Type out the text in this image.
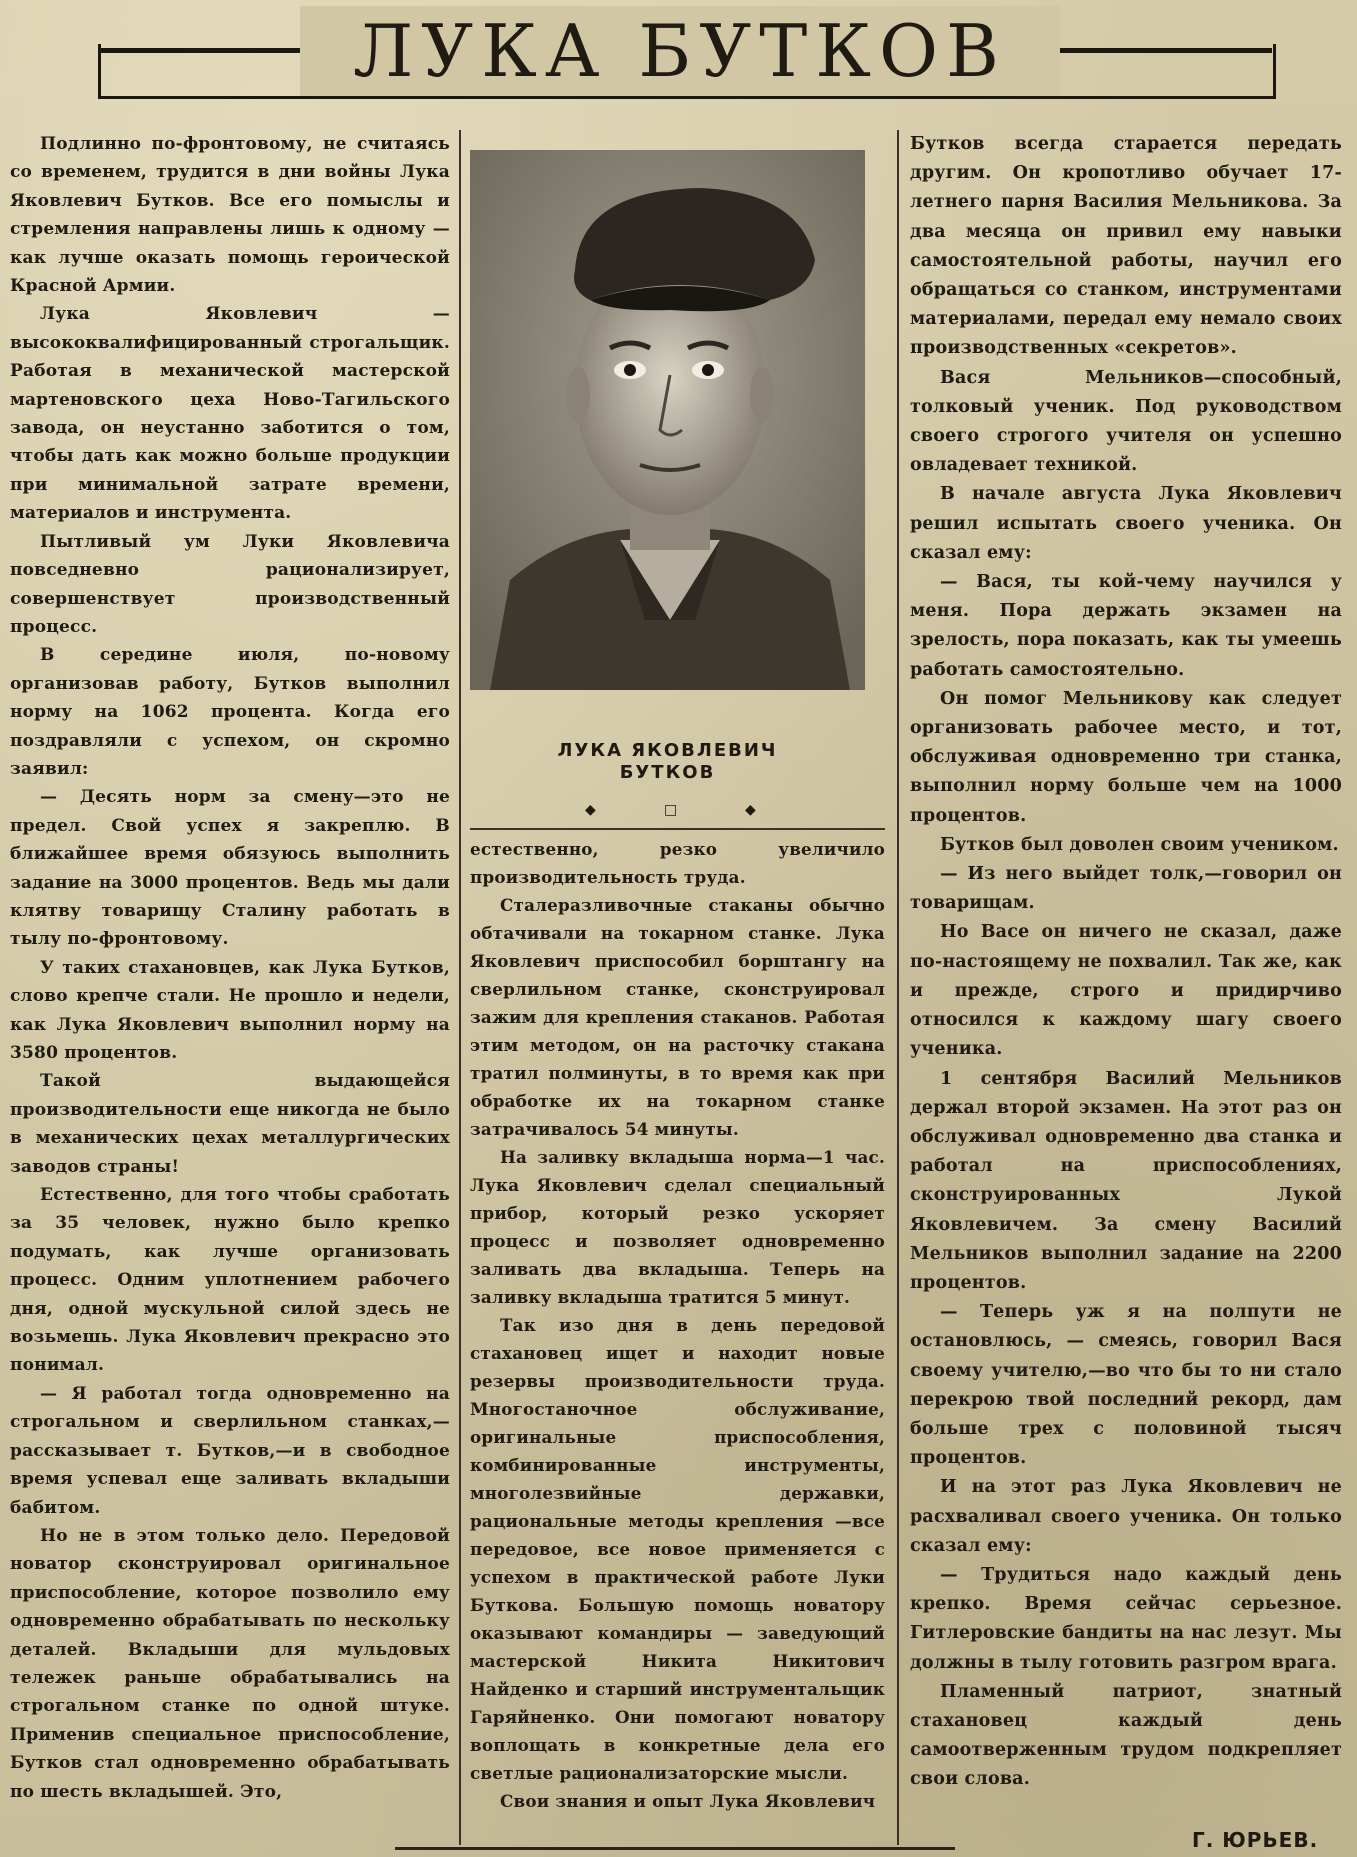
ЛУКА БУТКОВ

Подлинно по-фронтовому, не считаясь со временем, трудится в дни войны Лука Яковлевич Бутков. Все его помыслы и стремления направлены лишь к одному — как лучше оказать помощь героической Красной Армии.

Лука Яковлевич — высококвалифицированный строгальщик. Работая в механической мастерской мартеновского цеха Ново-Тагильского завода, он неустанно заботится о том, чтобы дать как можно больше продукции при минимальной затрате времени, материалов и инструмента.

Пытливый ум Луки Яковлевича повседневно рационализирует, совершенствует производственный процесс.

В середине июля, по-новому организовав работу, Бутков выполнил норму на 1062 процента. Когда его поздравляли с успехом, он скромно заявил:

— Десять норм за смену—это не предел. Свой успех я закреплю. В ближайшее время обязуюсь выполнить задание на 3000 процентов. Ведь мы дали клятву товарищу Сталину работать в тылу по-фронтовому.

У таких стахановцев, как Лука Бутков, слово крепче стали. Не прошло и недели, как Лука Яковлевич выполнил норму на 3580 процентов.

Такой выдающейся производительности еще никогда не было в механических цехах металлургических заводов страны!

Естественно, для того чтобы сработать за 35 человек, нужно было крепко подумать, как лучше организовать процесс. Одним уплотнением рабочего дня, одной мускульной силой здесь не возьмешь. Лука Яковлевич прекрасно это понимал.

— Я работал тогда одновременно на строгальном и сверлильном станках,— рассказывает т. Бутков,—и в свободное время успевал еще заливать вкладыши бабитом.

Но не в этом только дело. Передовой новатор сконструировал оригинальное приспособление, которое позволило ему одновременно обрабатывать по нескольку деталей. Вкладыши для мульдовых тележек раньше обрабатывались на строгальном станке по одной штуке. Применив специальное приспособление, Бутков стал одновременно обрабатывать по шесть вкладышей. Это,

ЛУКА ЯКОВЛЕВИЧ
БУТКОВ
◆	□	◆

естественно, резко увеличило производительность труда.

Сталеразливочные стаканы обычно обтачивали на токарном станке. Лука Яковлевич приспособил борштангу на сверлильном станке, сконструировал зажим для крепления стаканов. Работая этим методом, он на расточку стакана тратил полминуты, в то время как при обработке их на токарном станке затрачивалось 54 минуты.

На заливку вкладыша норма—1 час. Лука Яковлевич сделал специальный прибор, который резко ускоряет процесс и позволяет одновременно заливать два вкладыша. Теперь на заливку вкладыша тратится 5 минут.

Так изо дня в день передовой стахановец ищет и находит новые резервы производительности труда. Многостаночное обслуживание, оригинальные приспособления, комбинированные инструменты, многолезвийные державки, рациональные методы крепления —все передовое, все новое применяется с успехом в практической работе Луки Буткова. Большую помощь новатору оказывают командиры — заведующий мастерской Никита Никитович Найденко и старший инструментальщик Гаряйненко. Они помогают новатору воплощать в конкретные дела его светлые рационализаторские мысли.

Свои знания и опыт Лука Яковлевич

Бутков всегда старается передать другим. Он кропотливо обучает 17-летнего парня Василия Мельникова. За два месяца он привил ему навыки самостоятельной работы, научил его обращаться со станком, инструментами материалами, передал ему немало своих производственных «секретов».

Вася Мельников—способный, толковый ученик. Под руководством своего строгого учителя он успешно овладевает техникой.

В начале августа Лука Яковлевич решил испытать своего ученика. Он сказал ему:

— Вася, ты кой-чему научился у меня. Пора держать экзамен на зрелость, пора показать, как ты умеешь работать самостоятельно.

Он помог Мельникову как следует организовать рабочее место, и тот, обслуживая одновременно три станка, выполнил норму больше чем на 1000 процентов.

Бутков был доволен своим учеником.

— Из него выйдет толк,—говорил он товарищам.

Но Васе он ничего не сказал, даже по-настоящему не похвалил. Так же, как и прежде, строго и придирчиво относился к каждому шагу своего ученика.

1 сентября Василий Мельников держал второй экзамен. На этот раз он обслуживал одновременно два станка и работал на приспособлениях, сконструированных Лукой Яковлевичем. За смену Василий Мельников выполнил задание на 2200 процентов.

— Теперь уж я на полпути не остановлюсь, — смеясь, говорил Вася своему учителю,—во что бы то ни стало перекрою твой последний рекорд, дам больше трех с половиной тысяч процентов.

И на этот раз Лука Яковлевич не расхваливал своего ученика. Он только сказал ему:

— Трудиться надо каждый день крепко. Время сейчас серьезное. Гитлеровские бандиты на нас лезут. Мы должны в тылу готовить разгром врага.

Пламенный патриот, знатный стахановец каждый день самоотверженным трудом подкрепляет свои слова.

Г. ЮРЬЕВ.
